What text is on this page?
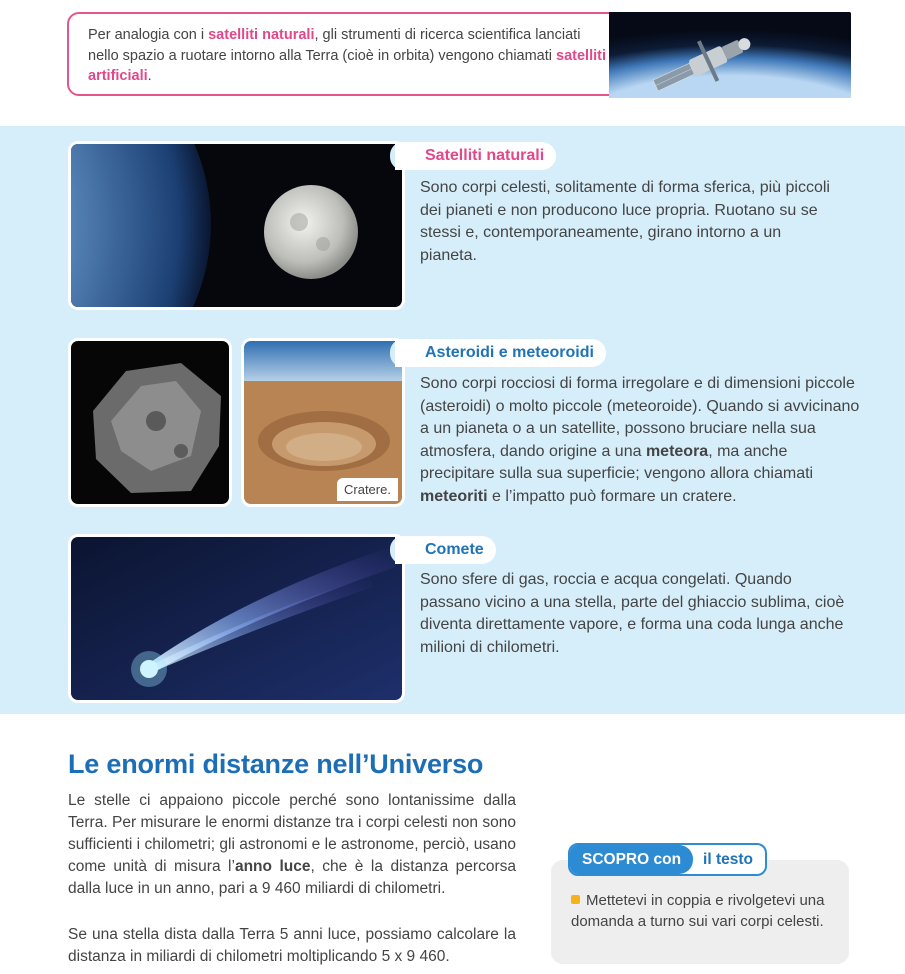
Per analogia con i satelliti naturali, gli strumenti di ricerca scientifica lanciati nello spazio a ruotare intorno alla Terra (cioè in orbita) vengono chiamati satelliti artificiali.
Satelliti naturali
Sono corpi celesti, solitamente di forma sferica, più piccoli dei pianeti e non producono luce propria. Ruotano su se stessi e, contemporaneamente, girano intorno a un pianeta.
Cratere.
Asteroidi e meteoroidi
Sono corpi rocciosi di forma irregolare e di dimensioni piccole (asteroidi) o molto piccole (meteoroide). Quando si avvicinano a un pianeta o a un satellite, possono bruciare nella sua atmosfera, dando origine a una meteora, ma anche precipitare sulla sua superficie; vengono allora chiamati meteoriti e l’impatto può formare un cratere.
Comete
Sono sfere di gas, roccia e acqua congelati. Quando passano vicino a una stella, parte del ghiaccio sublima, cioè diventa direttamente vapore, e forma una coda lunga anche milioni di chilometri.
Le enormi distanze nell’Universo
Le stelle ci appaiono piccole perché sono lontanissime dalla Terra. Per misurare le enormi distanze tra i corpi celesti non sono sufficienti i chilometri; gli astronomi e le astronome, perciò, usano come unità di misura l’anno luce, che è la distanza percorsa dalla luce in un anno, pari a 9 460 miliardi di chilometri.
Se una stella dista dalla Terra 5 anni luce, possiamo calcolare la distanza in miliardi di chilometri moltiplicando 5 x 9 460.
SCOPRO con	il testo
Mettetevi in coppia e rivolgetevi una domanda a turno sui vari corpi celesti.
